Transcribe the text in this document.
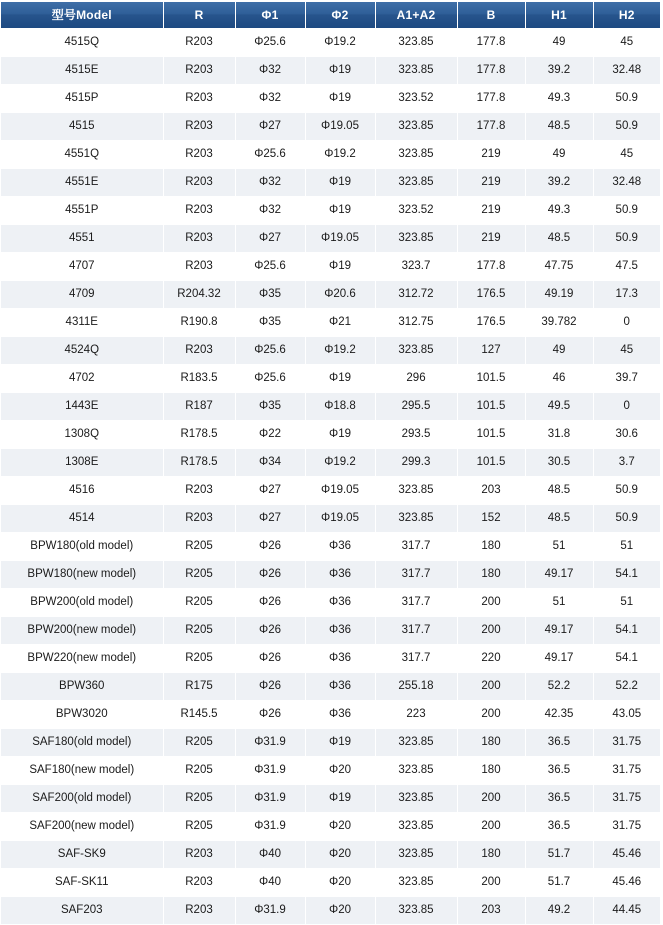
型号Model	R	Φ1	Φ2	A1+A2	B	H1	H2
4515Q	R203	Φ25.6	Φ19.2	323.85	177.8	49	45
4515E	R203	Φ32	Φ19	323.85	177.8	39.2	32.48
4515P	R203	Φ32	Φ19	323.52	177.8	49.3	50.9
4515	R203	Φ27	Φ19.05	323.85	177.8	48.5	50.9
4551Q	R203	Φ25.6	Φ19.2	323.85	219	49	45
4551E	R203	Φ32	Φ19	323.85	219	39.2	32.48
4551P	R203	Φ32	Φ19	323.52	219	49.3	50.9
4551	R203	Φ27	Φ19.05	323.85	219	48.5	50.9
4707	R203	Φ25.6	Φ19	323.7	177.8	47.75	47.5
4709	R204.32	Φ35	Φ20.6	312.72	176.5	49.19	17.3
4311E	R190.8	Φ35	Φ21	312.75	176.5	39.782	0
4524Q	R203	Φ25.6	Φ19.2	323.85	127	49	45
4702	R183.5	Φ25.6	Φ19	296	101.5	46	39.7
1443E	R187	Φ35	Φ18.8	295.5	101.5	49.5	0
1308Q	R178.5	Φ22	Φ19	293.5	101.5	31.8	30.6
1308E	R178.5	Φ34	Φ19.2	299.3	101.5	30.5	3.7
4516	R203	Φ27	Φ19.05	323.85	203	48.5	50.9
4514	R203	Φ27	Φ19.05	323.85	152	48.5	50.9
BPW180(old model)	R205	Φ26	Φ36	317.7	180	51	51
BPW180(new model)	R205	Φ26	Φ36	317.7	180	49.17	54.1
BPW200(old model)	R205	Φ26	Φ36	317.7	200	51	51
BPW200(new model)	R205	Φ26	Φ36	317.7	200	49.17	54.1
BPW220(new model)	R205	Φ26	Φ36	317.7	220	49.17	54.1
BPW360	R175	Φ26	Φ36	255.18	200	52.2	52.2
BPW3020	R145.5	Φ26	Φ36	223	200	42.35	43.05
SAF180(old model)	R205	Φ31.9	Φ19	323.85	180	36.5	31.75
SAF180(new model)	R205	Φ31.9	Φ20	323.85	180	36.5	31.75
SAF200(old model)	R205	Φ31.9	Φ19	323.85	200	36.5	31.75
SAF200(new model)	R205	Φ31.9	Φ20	323.85	200	36.5	31.75
SAF-SK9	R203	Φ40	Φ20	323.85	180	51.7	45.46
SAF-SK11	R203	Φ40	Φ20	323.85	200	51.7	45.46
SAF203	R203	Φ31.9	Φ20	323.85	203	49.2	44.45
